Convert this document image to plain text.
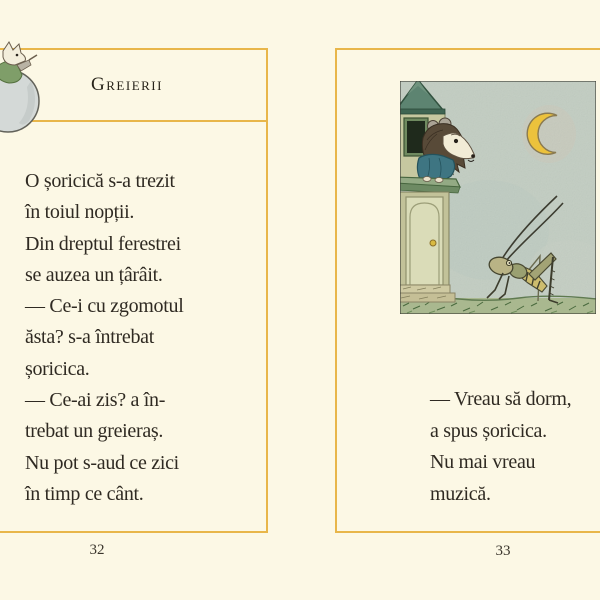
Greierii
O șoricică s-a trezit
în toiul nopții.
Din dreptul ferestrei
se auzea un țârâit.
— Ce-i cu zgomotul
ăsta? s-a întrebat
șoricica.
— Ce-ai zis? a în-
trebat un greieraș.
Nu pot s-aud ce zici
în timp ce cânt.
32
— Vreau să dorm,
a spus șoricica.
Nu mai vreau
muzică.
33
